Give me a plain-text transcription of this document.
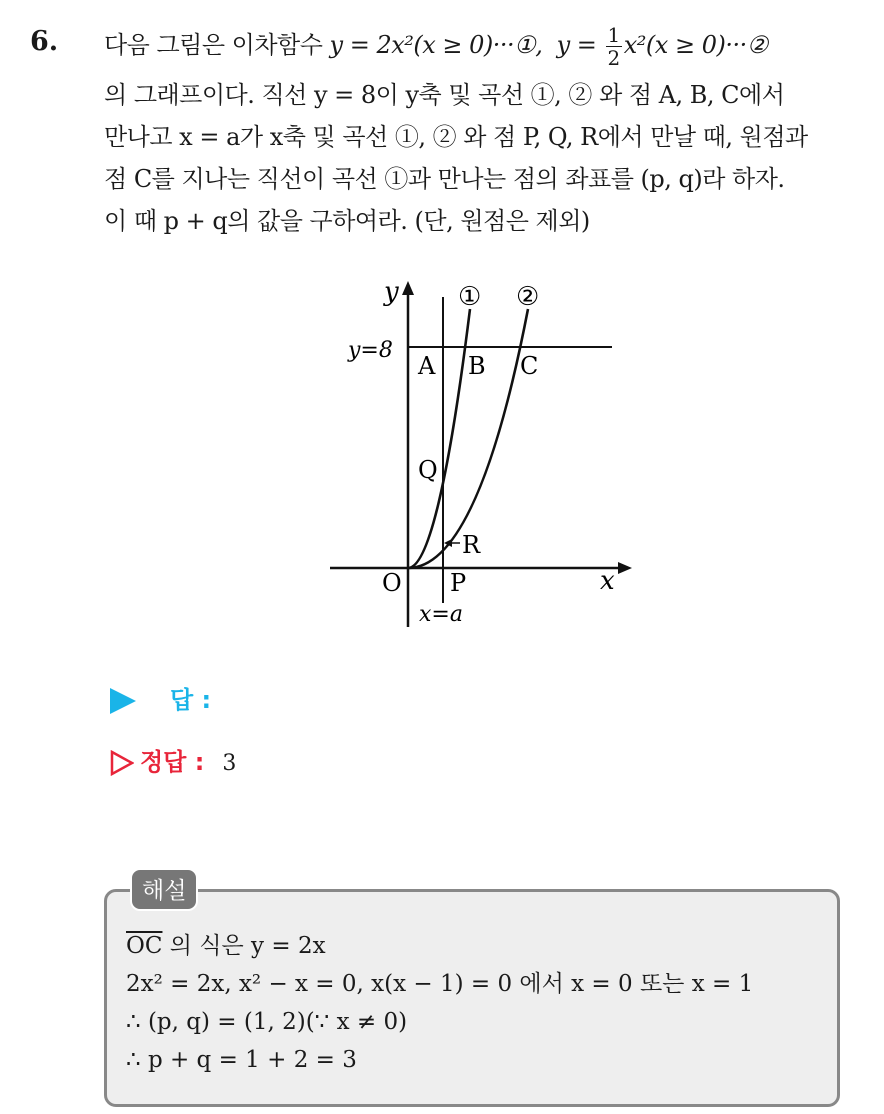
6. 다음 그림은 이차함수 y = 2x²(x ≥ 0)···①, $y = \frac{1}{2} x^2(x$ ≥ 0)···②
의 그래프이다. 직선 y = 8이 y축 및 곡선 ①, ② 와 점 A, B, C에서
만나고 x = a가 x축 및 곡선 ①, ② 와 점 P, Q, R에서 만날 때, 원점과
점 C를 지나는 직선이 곡선 ①과 만나는 점의 좌표를 (p, q)라 하자.
이 때 p + q의 값을 구하여라. (단, 원점은 제외)
y
x
y=8
A B C
Q
R
O P
x=a
① ②
답 :
정답 : 3
해설
$\overline{OC}$ 의 식은 y = 2x
2x² = 2x, x² − x = 0, x(x − 1) = 0 에서 x = 0 또는 x = 1
∴ (p, q) = (1, 2)(∵ x ≠ 0)
∴ p + q = 1 + 2 = 3
